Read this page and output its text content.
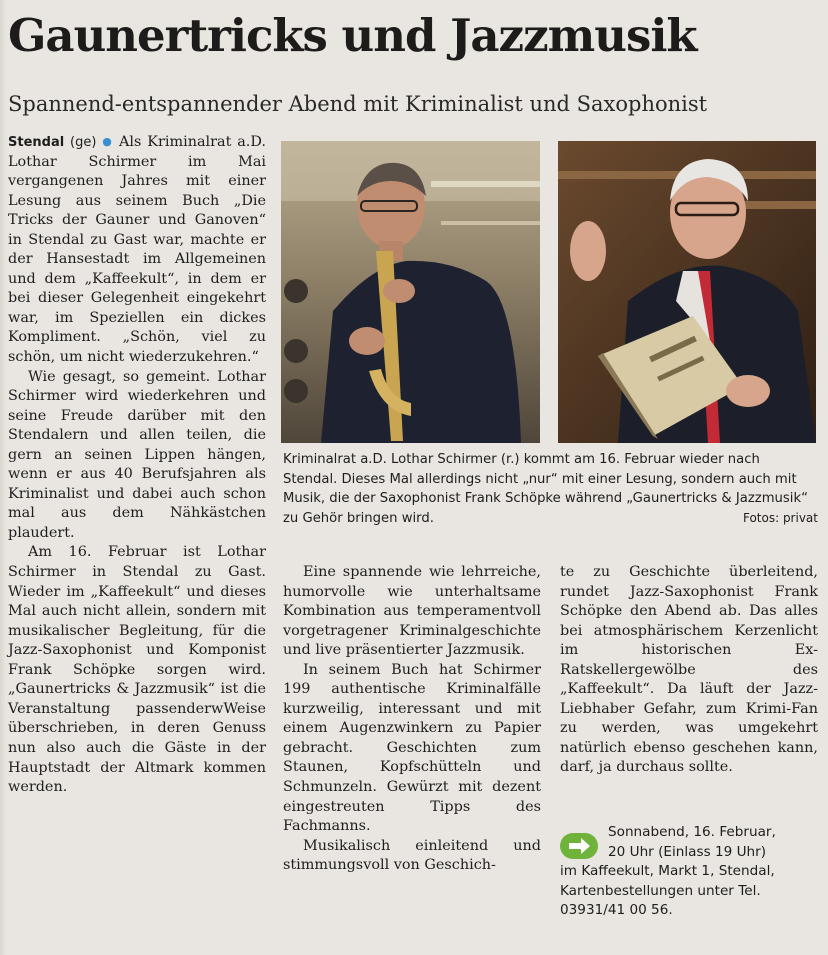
Gaunertricks und Jazzmusik

Spannend-entspannender Abend mit Kriminalist und Saxophonist

Stendal (ge) ● Als Kriminalrat a.D. Lothar Schirmer im Mai vergangenen Jahres mit einer Lesung aus seinem Buch „Die Tricks der Gauner und Ganoven“ in Stendal zu Gast war, machte er der Hansestadt im Allgemeinen und dem „Kaffeekult“, in dem er bei dieser Gelegenheit eingekehrt war, im Speziellen ein dickes Kompliment. „Schön, viel zu schön, um nicht wiederzukehren.“

Wie gesagt, so gemeint. Lothar Schirmer wird wiederkehren und seine Freude darüber mit den Stendalern und allen teilen, die gern an seinen Lippen hängen, wenn er aus 40 Berufsjahren als Kriminalist und dabei auch schon mal aus dem Nähkästchen plaudert.

Am 16. Februar ist Lothar Schirmer in Stendal zu Gast. Wieder im „Kaffeekult“ und dieses Mal auch nicht allein, sondern mit musikalischer Begleitung, für die Jazz-Saxophonist und Komponist Frank Schöpke sorgen wird. „Gaunertricks & Jazzmusik“ ist die Veranstaltung passenderwWeise überschrieben, in deren Genuss nun also auch die Gäste in der Hauptstadt der Altmark kommen werden.

Kriminalrat a.D. Lothar Schirmer (r.) kommt am 16. Februar wieder nach Stendal. Dieses Mal allerdings nicht „nur“ mit einer Lesung, sondern auch mit Musik, die der Saxophonist Frank Schöpke während „Gaunertricks & Jazzmusik“ zu Gehör bringen wird.	Fotos: privat

Eine spannende wie lehrreiche, humorvolle wie unterhaltsame Kombination aus temperamentvoll vorgetragener Kriminalgeschichte und live präsentierter Jazzmusik.

In seinem Buch hat Schirmer 199 authentische Kriminalfälle kurzweilig, interessant und mit einem Augenzwinkern zu Papier gebracht. Geschichten zum Staunen, Kopfschütteln und Schmunzeln. Gewürzt mit dezent eingestreuten Tipps des Fachmanns.

Musikalisch einleitend und stimmungsvoll von Geschich-

te zu Geschichte überleitend, rundet Jazz-Saxophonist Frank Schöpke den Abend ab. Das alles bei atmosphärischem Kerzenlicht im historischen Ex-Ratskellergewölbe des „Kaffeekult“. Da läuft der Jazz-Liebhaber Gefahr, zum Krimi-Fan zu werden, was umgekehrt natürlich ebenso geschehen kann, darf, ja durchaus sollte.

Sonnabend, 16. Februar,

20 Uhr (Einlass 19 Uhr)

im Kaffeekult, Markt 1, Stendal,

Kartenbestellungen unter Tel.

03931/41 00 56.
